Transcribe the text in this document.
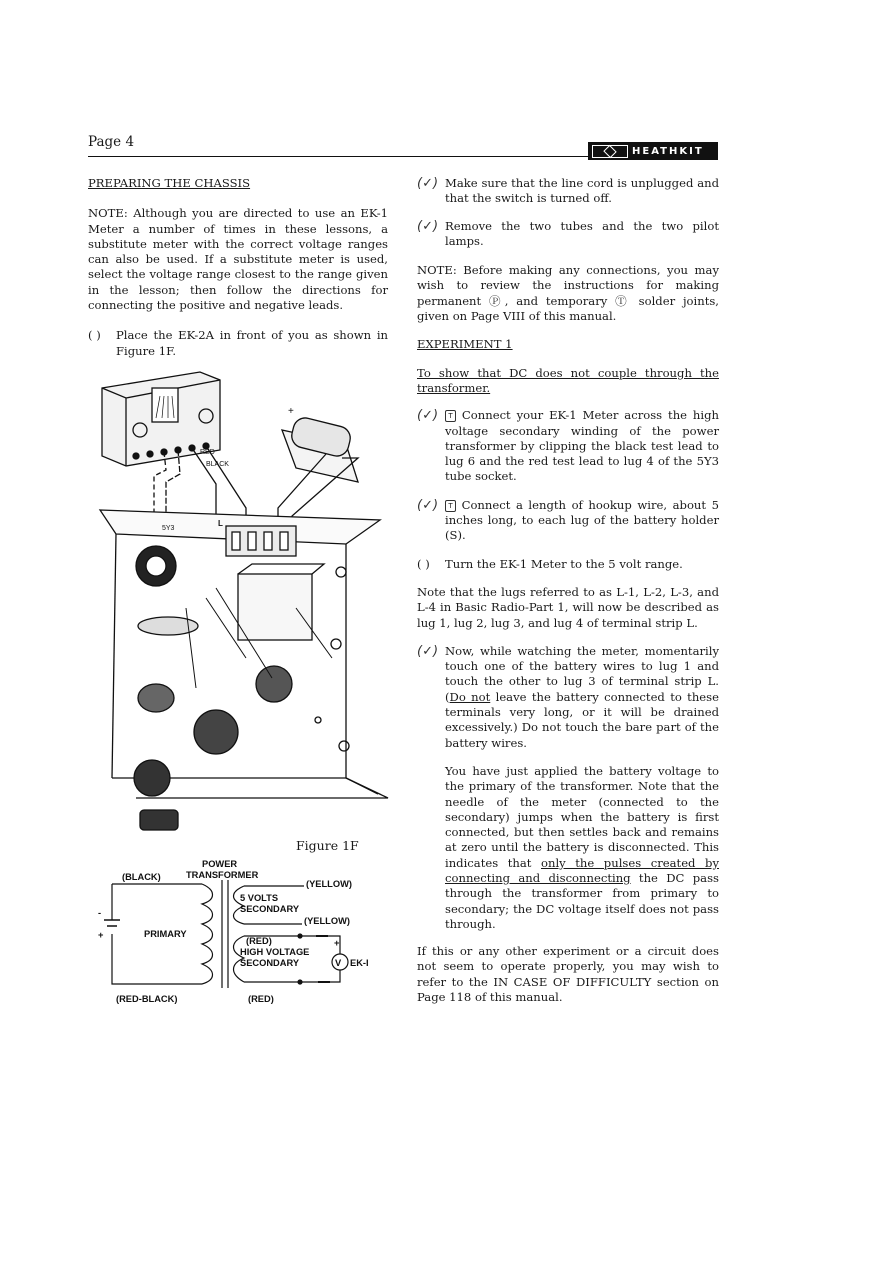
Page 4
HEATHKIT

PREPARING THE CHASSIS

NOTE: Although you are directed to use an EK-1 Meter a number of times in these lessons, a substitute meter with the correct voltage ranges can also be used. If a substitute meter is used, select the voltage range closest to the range given in the lesson; then follow the directions for connecting the positive and negative leads.

( ) Place the EK-2A in front of you as shown in Figure 1F.

RED
BLACK
5Y3
L
+
Figure 1F
POWER
TRANSFORMER
(BLACK)
(YELLOW)
5 VOLTS
SECONDARY
(YELLOW)
PRIMARY
(RED)
HIGH VOLTAGE
SECONDARY	V EK-I
(RED-BLACK)	(RED)
-
+
+

(✓) Make sure that the line cord is unplugged and that the switch is turned off.

(✓) Remove the two tubes and the two pilot lamps.

NOTE: Before making any connections, you may wish to review the instructions for making permanent Ⓟ, and temporary Ⓣ solder joints, given on Page VIII of this manual.

EXPERIMENT 1

To show that DC does not couple through the transformer.

(✓) T Connect your EK-1 Meter across the high voltage secondary winding of the power transformer by clipping the black test lead to lug 6 and the red test lead to lug 4 of the 5Y3 tube socket.

(✓) T Connect a length of hookup wire, about 5 inches long, to each lug of the battery holder (S).

( ) Turn the EK-1 Meter to the 5 volt range.

Note that the lugs referred to as L-1, L-2, L-3, and L-4 in Basic Radio-Part 1, will now be described as lug 1, lug 2, lug 3, and lug 4 of terminal strip L.

(✓) Now, while watching the meter, momentarily touch one of the battery wires to lug 1 and touch the other to lug 3 of terminal strip L. (Do not leave the battery connected to these terminals very long, or it will be drained excessively.) Do not touch the bare part of the battery wires.

You have just applied the battery voltage to the primary of the transformer. Note that the needle of the meter (connected to the secondary) jumps when the battery is first connected, but then settles back and remains at zero until the battery is disconnected. This indicates that only the pulses created by connecting and disconnecting the DC pass through the transformer from primary to secondary; the DC voltage itself does not pass through.

If this or any other experiment or a circuit does not seem to operate properly, you may wish to refer to the IN CASE OF DIFFICULTY section on Page 118 of this manual.
